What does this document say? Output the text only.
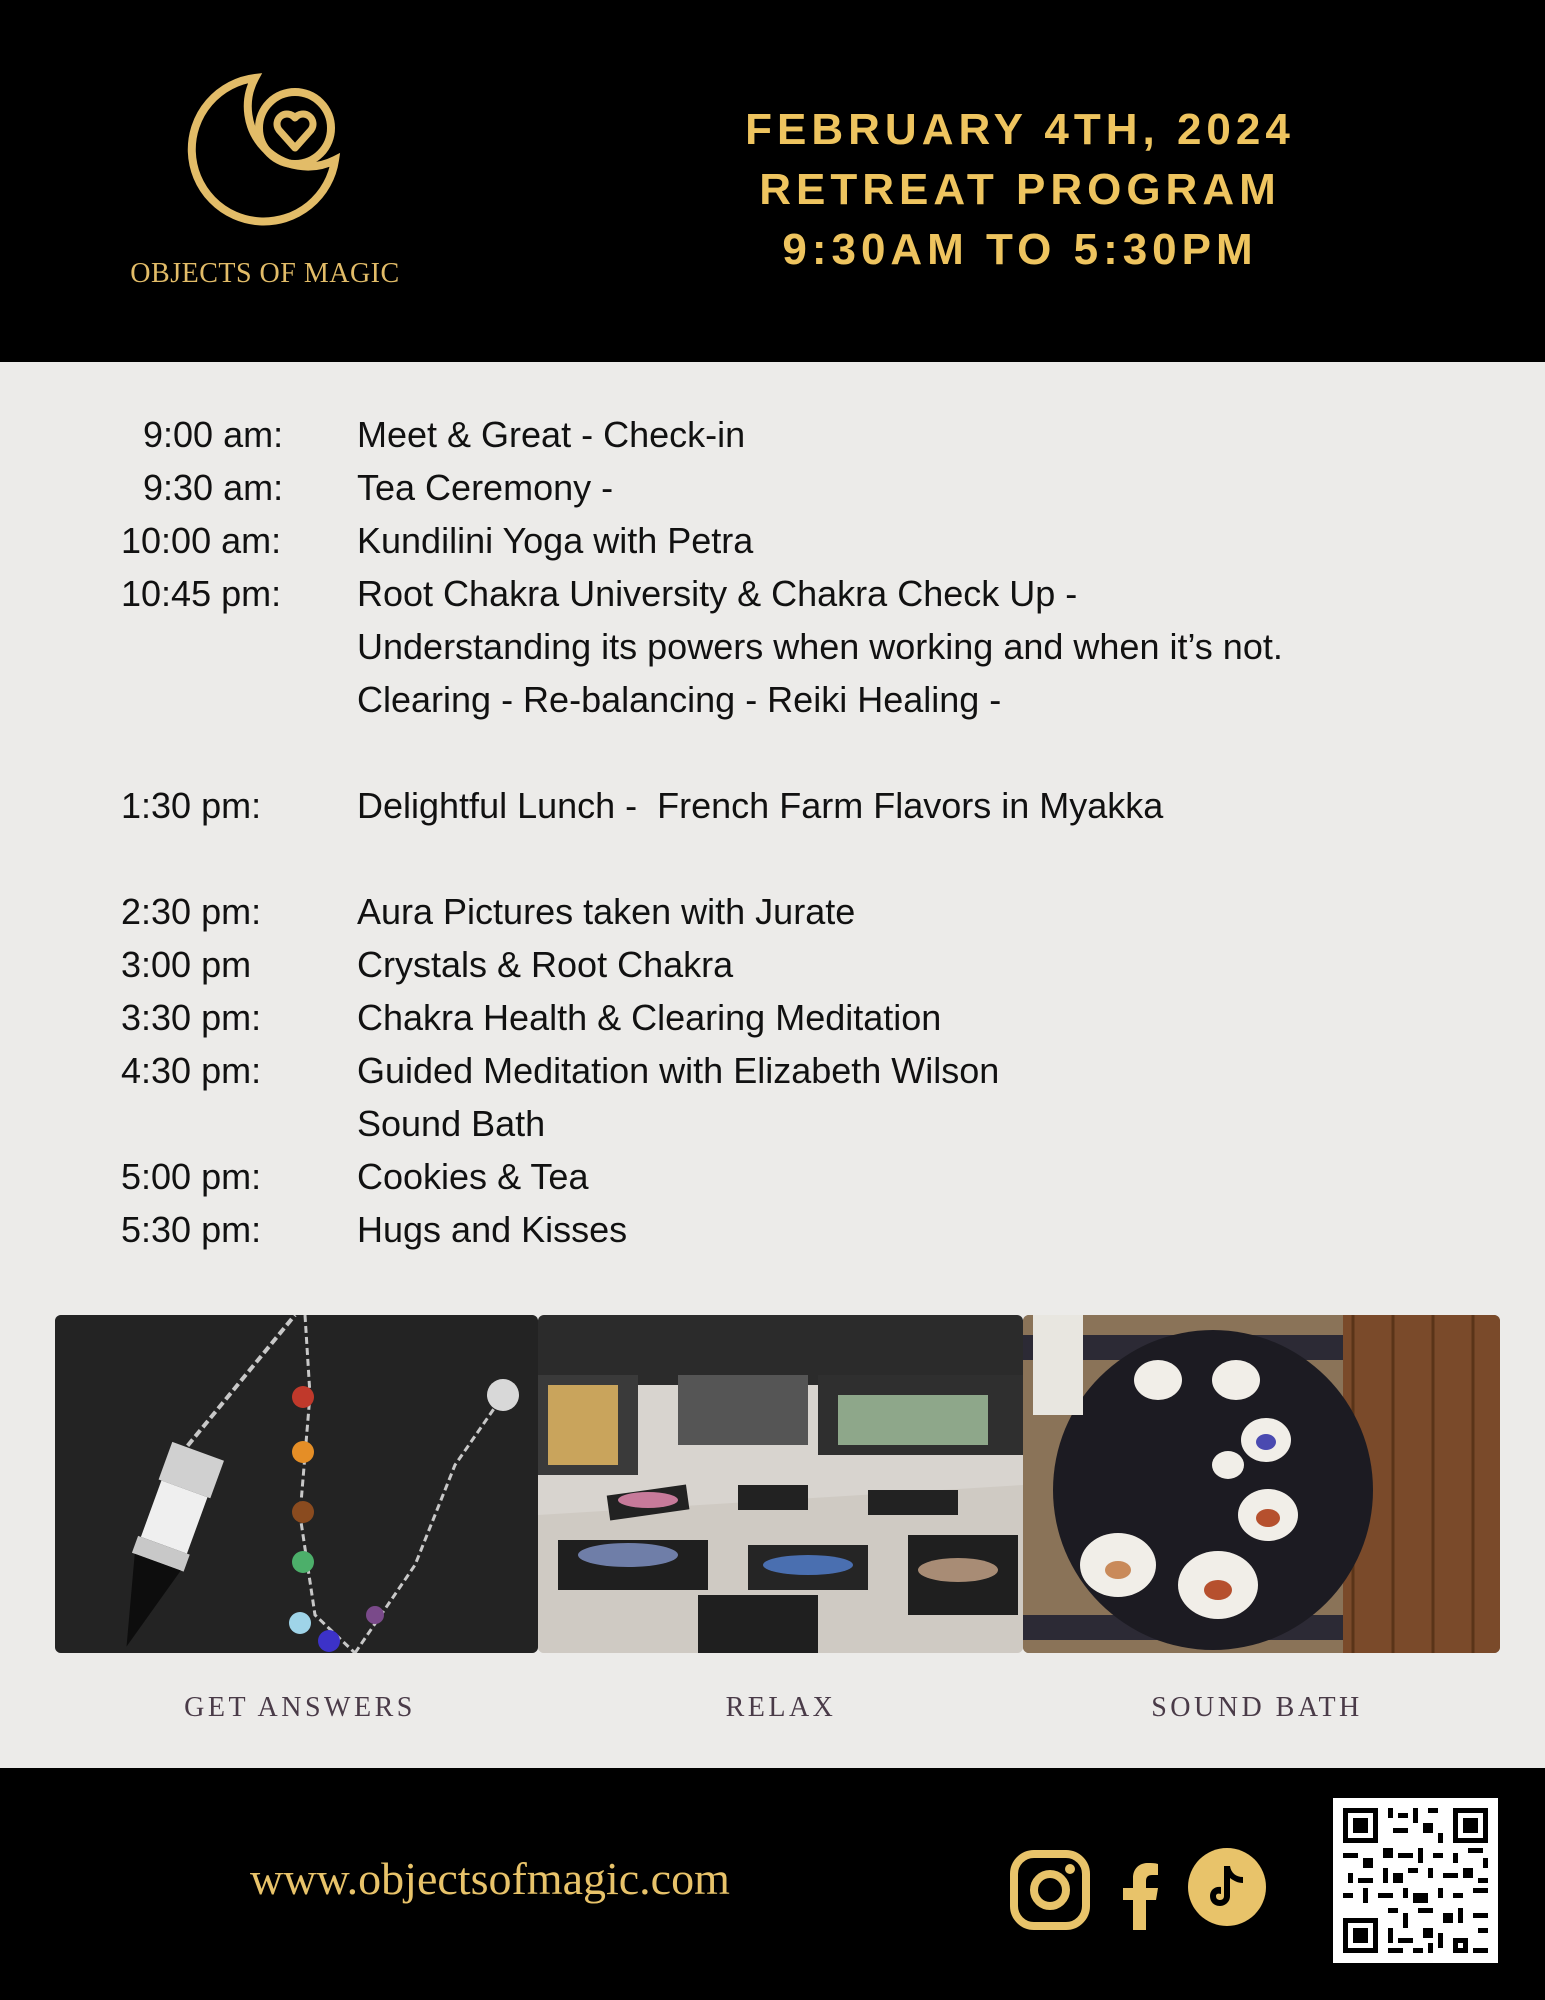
OBJECTS OF MAGIC
FEBRUARY 4TH, 2024
RETREAT PROGRAM
9:30AM TO 5:30PM
9:00 am: Meet & Great - Check-in
9:30 am: Tea Ceremony -
10:00 am: Kundilini Yoga with Petra
10:45 pm: Root Chakra University & Chakra Check Up -
Understanding its powers when working and when it’s not.
Clearing - Re-balancing - Reiki Healing -
1:30 pm:	Delightful Lunch -  French Farm Flavors in Myakka
2:30 pm:	Aura Pictures taken with Jurate
3:00 pm	Crystals & Root Chakra
3:30 pm:	Chakra Health & Clearing Meditation
4:30 pm:	Guided Meditation with Elizabeth Wilson
Sound Bath
5:00 pm:	Cookies & Tea
5:30 pm:	Hugs and Kisses
GET ANSWERS	RELAX	SOUND BATH
www.objectsofmagic.com
